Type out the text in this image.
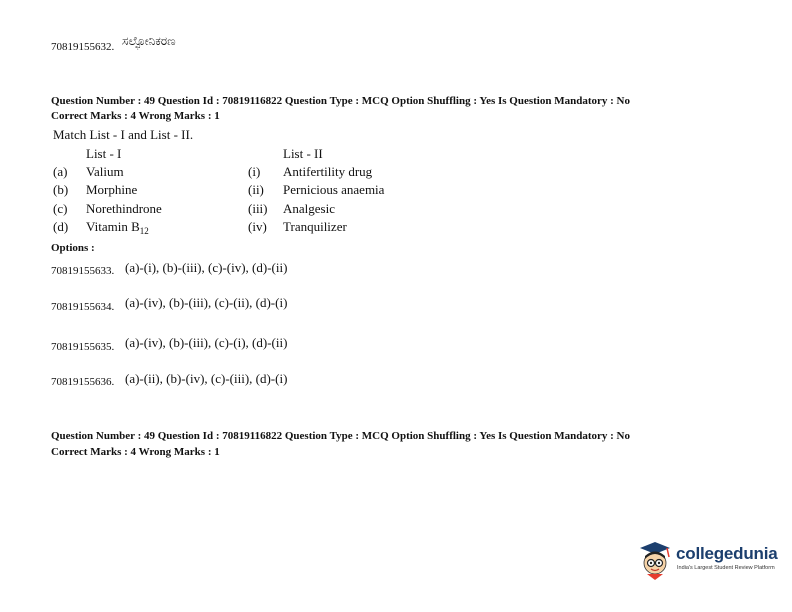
70819155632. ಸಲ್ಫೋನಿಕರಣ
Question Number : 49 Question Id : 70819116822 Question Type : MCQ Option Shuffling : Yes Is Question Mandatory : No
Correct Marks : 4 Wrong Marks : 1
Match List - I and List - II.
List - I	List - II
(a) Valium	(i) Antifertility drug
(b) Morphine	(ii) Pernicious anaemia
(c) Norethindrone	(iii) Analgesic
(d) Vitamin $B_{12}$	(iv) Tranquilizer
Options :
70819155633. (a)-(i), (b)-(iii), (c)-(iv), (d)-(ii)
70819155634. (a)-(iv), (b)-(iii), (c)-(ii), (d)-(i)
70819155635. (a)-(iv), (b)-(iii), (c)-(i), (d)-(ii)
70819155636. (a)-(ii), (b)-(iv), (c)-(iii), (d)-(i)
Question Number : 49 Question Id : 70819116822 Question Type : MCQ Option Shuffling : Yes Is Question Mandatory : No
Correct Marks : 4 Wrong Marks : 1
collegedunia
India's Largest Student Review Platform
